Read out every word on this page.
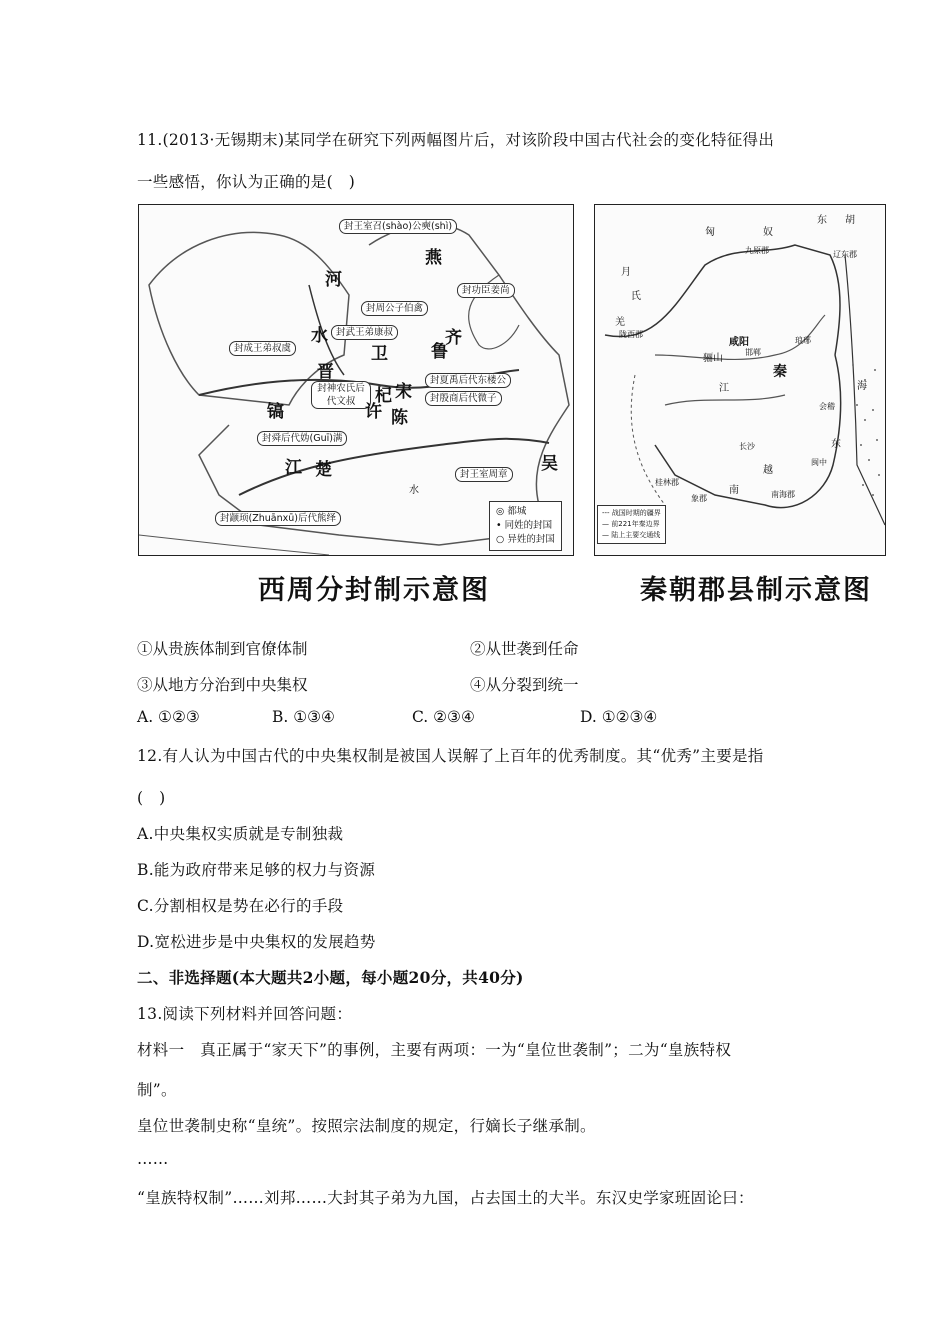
11.(2013·无锡期末)某同学在研究下列两幅图片后，对该阶段中国古代社会的变化特征得出
一些感悟，你认为正确的是(　)
封王室召(shào)公奭(shì)
封功臣姜尚
封周公子伯禽
封武王弟康叔
封成王弟叔虞
封神农氏后代文叔
封夏禹后代东楼公
封殷商后代微子
封舜后代妫(Guī)满
封王室周章
封颛顼(Zhuānxū)后代熊绎
燕
河
水	齐
鲁
晋
卫
宋
杞
许 陈
镐
江 楚	吴
水
◎ 都城
• 同姓的封国
○ 异姓的封国
西周分封制示意图
匈	奴
月
氏
羌
东 胡
辽东郡
九原郡
陇西郡
咸阳
骊山
邯郸
琅琊
秦
江
桂林郡
象郡	南海郡
海
东
南
越
闽中
会稽
长沙
--- 战国时期的疆界
— 前221年秦边界
— 陆上主要交通线
秦朝郡县制示意图
①从贵族体制到官僚体制	②从世袭到任命
③从地方分治到中央集权	④从分裂到统一
A. ①②③	B. ①③④	C. ②③④	D. ①②③④
12.有人认为中国古代的中央集权制是被国人误解了上百年的优秀制度。其“优秀”主要是指
(　)
A.中央集权实质就是专制独裁
B.能为政府带来足够的权力与资源
C.分割相权是势在必行的手段
D.宽松进步是中央集权的发展趋势
二、非选择题(本大题共2小题，每小题20分，共40分)
13.阅读下列材料并回答问题：
材料一　真正属于“家天下”的事例，主要有两项：一为“皇位世袭制”；二为“皇族特权
制”。
皇位世袭制史称“皇统”。按照宗法制度的规定，行嫡长子继承制。
……
“皇族特权制”……刘邦……大封其子弟为九国，占去国土的大半。东汉史学家班固论曰：
